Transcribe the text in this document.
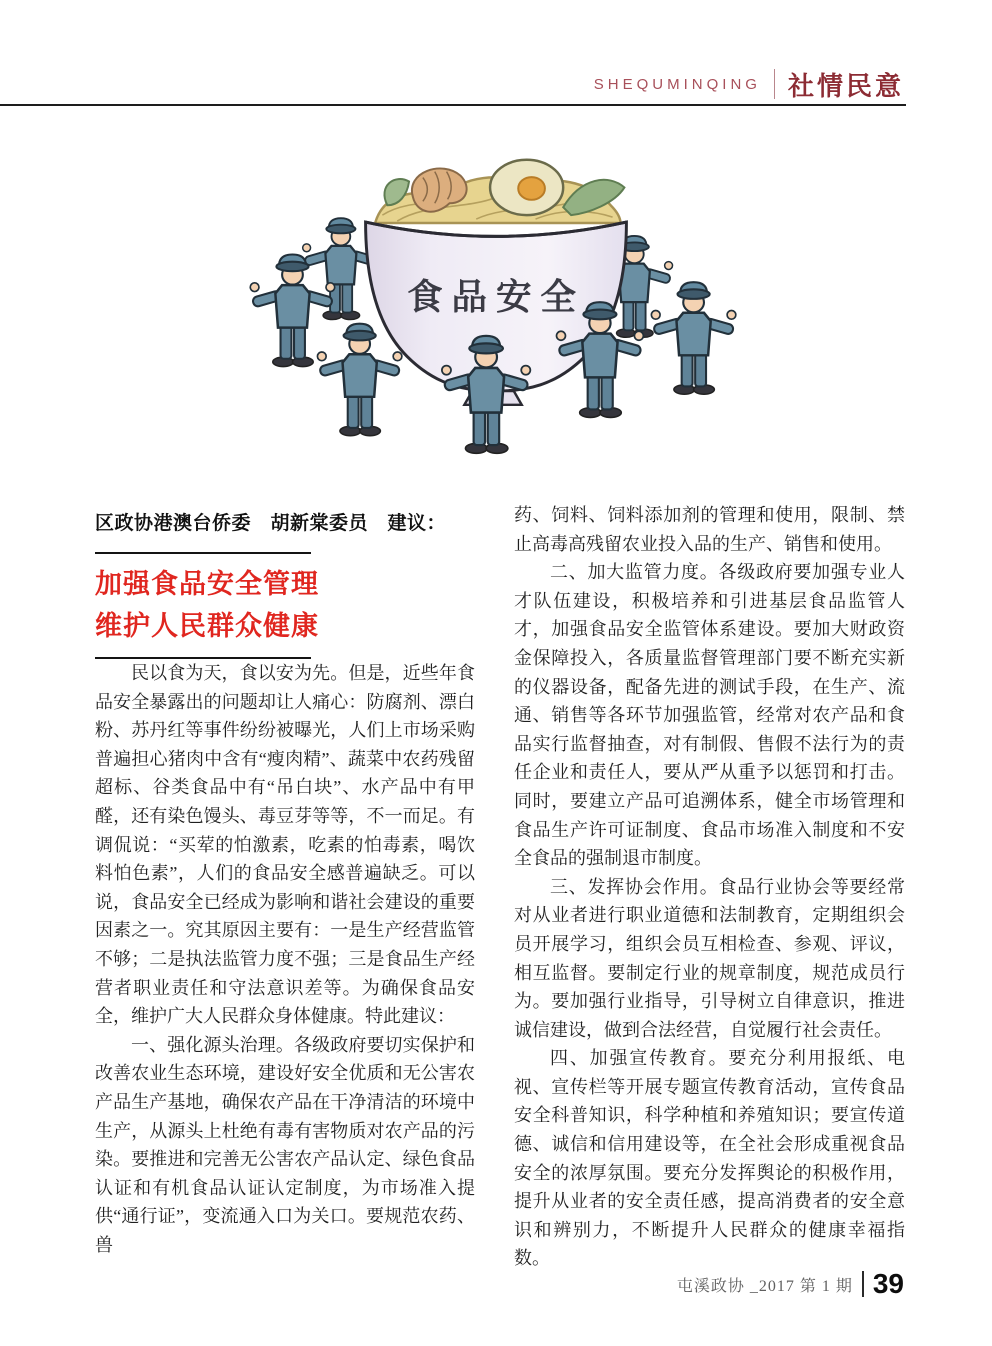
SHEQUMINQING 社情民意
食品安全

区政协港澳台侨委　胡新棠委员　建议：

加强食品安全管理
维护人民群众健康

民以食为天，食以安为先。但是，近些年食品安全暴露出的问题却让人痛心：防腐剂、漂白粉、苏丹红等事件纷纷被曝光，人们上市场采购普遍担心猪肉中含有“瘦肉精”、蔬菜中农药残留超标、谷类食品中有“吊白块”、水产品中有甲醛，还有染色馒头、毒豆芽等等，不一而足。有调侃说：“买荤的怕激素，吃素的怕毒素，喝饮料怕色素”，人们的食品安全感普遍缺乏。可以说，食品安全已经成为影响和谐社会建设的重要因素之一。究其原因主要有：一是生产经营监管不够；二是执法监管力度不强；三是食品生产经营者职业责任和守法意识差等。为确保食品安全，维护广大人民群众身体健康。特此建议：

一、强化源头治理。各级政府要切实保护和改善农业生态环境，建设好安全优质和无公害农产品生产基地，确保农产品在干净清洁的环境中生产，从源头上杜绝有毒有害物质对农产品的污染。要推进和完善无公害农产品认定、绿色食品认证和有机食品认证认定制度，为市场准入提供“通行证”，变流通入口为关口。要规范农药、兽

药、饲料、饲料添加剂的管理和使用，限制、禁止高毒高残留农业投入品的生产、销售和使用。

二、加大监管力度。各级政府要加强专业人才队伍建设，积极培养和引进基层食品监管人才，加强食品安全监管体系建设。要加大财政资金保障投入，各质量监督管理部门要不断充实新的仪器设备，配备先进的测试手段，在生产、流通、销售等各环节加强监管，经常对农产品和食品实行监督抽查，对有制假、售假不法行为的责任企业和责任人，要从严从重予以惩罚和打击。同时，要建立产品可追溯体系，健全市场管理和食品生产许可证制度、食品市场准入制度和不安全食品的强制退市制度。

三、发挥协会作用。食品行业协会等要经常对从业者进行职业道德和法制教育，定期组织会员开展学习，组织会员互相检查、参观、评议，相互监督。要制定行业的规章制度，规范成员行为。要加强行业指导，引导树立自律意识，推进诚信建设，做到合法经营，自觉履行社会责任。

四、加强宣传教育。要充分利用报纸、电视、宣传栏等开展专题宣传教育活动，宣传食品安全科普知识，科学种植和养殖知识；要宣传道德、诚信和信用建设等，在全社会形成重视食品安全的浓厚氛围。要充分发挥舆论的积极作用，提升从业者的安全责任感，提高消费者的安全意识和辨别力，不断提升人民群众的健康幸福指数。

屯溪政协 _2017 第 1 期 39
